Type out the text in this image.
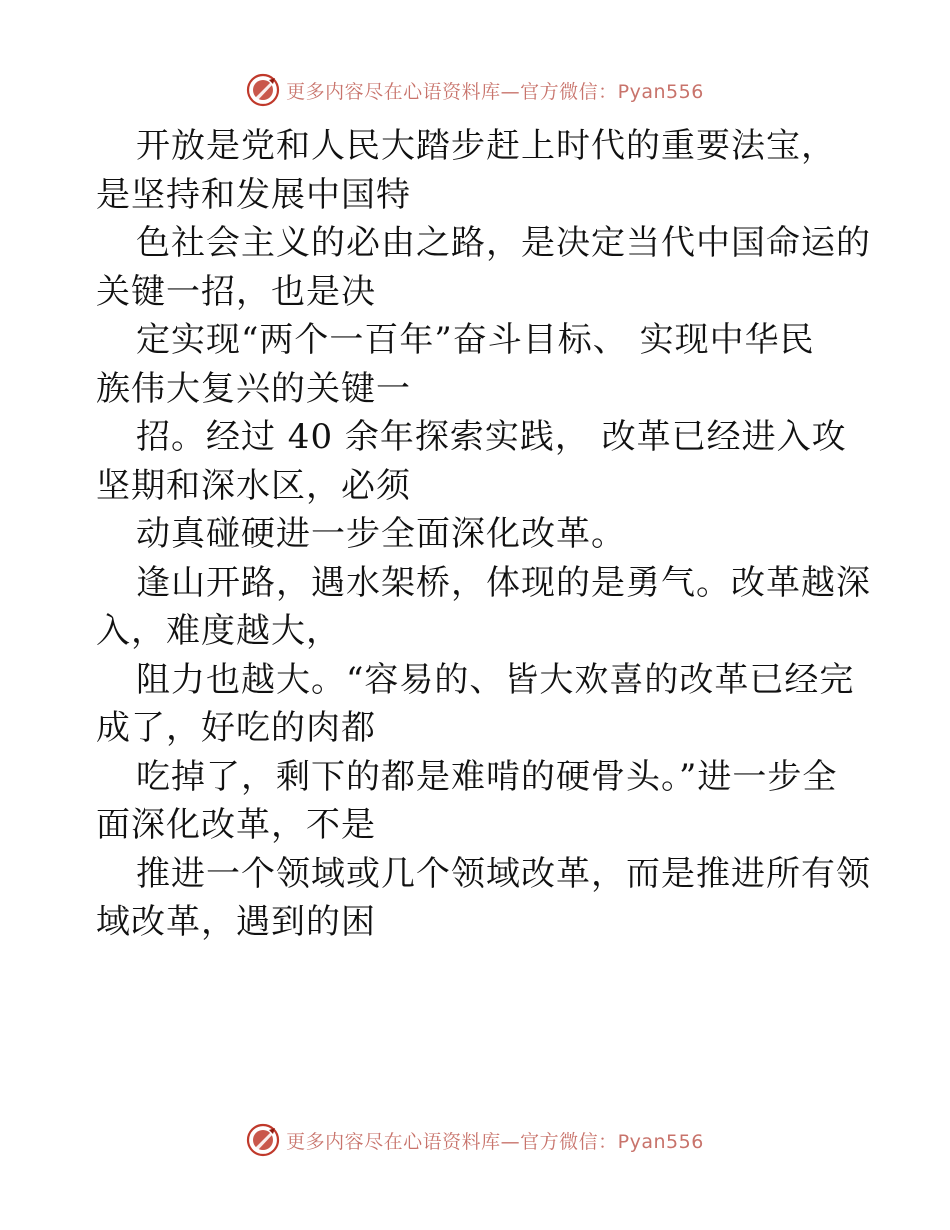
更多内容尽在心语资料库—官方微信：Pyan556
开放是党和人民大踏步赶上时代的重要法宝，
是坚持和发展中国特
色社会主义的必由之路，是决定当代中国命运的
关键一招，也是决
定实现“两个一百年”奋斗目标、 实现中华民
族伟大复兴的关键一
招。经过 40 余年探索实践， 改革已经进入攻
坚期和深水区，必须
动真碰硬进一步全面深化改革。
逢山开路，遇水架桥，体现的是勇气。改革越深
入，难度越大，
阻力也越大。“容易的、皆大欢喜的改革已经完
成了，好吃的肉都
吃掉了，剩下的都是难啃的硬骨头。”进一步全
面深化改革，不是
推进一个领域或几个领域改革，而是推进所有领
域改革，遇到的困
更多内容尽在心语资料库—官方微信：Pyan556
